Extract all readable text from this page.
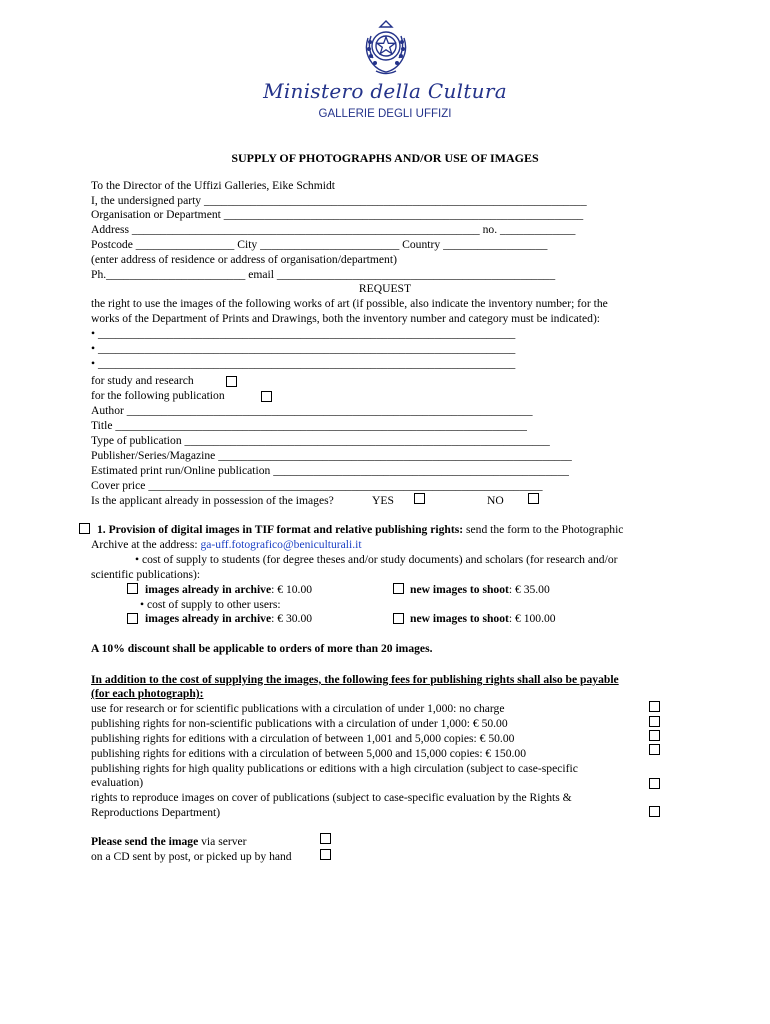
Ministero della Cultura
GALLERIE DEGLI UFFIZI
SUPPLY OF PHOTOGRAPHS AND/OR USE OF IMAGES
To the Director of the Uffizi Galleries, Eike Schmidt
I, the undersigned party __________________________________________________________________
Organisation or Department ______________________________________________________________
Address ____________________________________________________________ no. _____________
Postcode _________________ City ________________________ Country __________________
(enter address of residence or address of organisation/department)
Ph.________________________ email ________________________________________________
REQUEST
the right to use the images of the following works of art (if possible, also indicate the inventory number; for the
works of the Department of Prints and Drawings, both the inventory number and category must be indicated):
• ________________________________________________________________________
• ________________________________________________________________________
• ________________________________________________________________________
for study and research
for the following publication
Author ______________________________________________________________________
Title _______________________________________________________________________
Type of publication _______________________________________________________________
Publisher/Series/Magazine _____________________________________________________________
Estimated print run/Online publication ___________________________________________________
Cover price ____________________________________________________________________
Is the applicant already in possession of the images?	YES	NO
1. Provision of digital images in TIF format and relative publishing rights: send the form to the Photographic
Archive at the address: ga-uff.fotografico@beniculturali.it
• cost of supply to students (for degree theses and/or study documents) and scholars (for research and/or
scientific publications):
images already in archive: € 10.00	new images to shoot: € 35.00
• cost of supply to other users:
images already in archive: € 30.00	new images to shoot: € 100.00
A 10% discount shall be applicable to orders of more than 20 images.
In addition to the cost of supplying the images, the following fees for publishing rights shall also be payable
(for each photograph):
use for research or for scientific publications with a circulation of under 1,000: no charge
publishing rights for non-scientific publications with a circulation of under 1,000: € 50.00
publishing rights for editions with a circulation of between 1,001 and 5,000 copies: € 50.00
publishing rights for editions with a circulation of between 5,000 and 15,000 copies: € 150.00
publishing rights for high quality publications or editions with a high circulation (subject to case-specific
evaluation)
rights to reproduce images on cover of publications (subject to case-specific evaluation by the Rights &
Reproductions Department)
Please send the image via server
on a CD sent by post, or picked up by hand
